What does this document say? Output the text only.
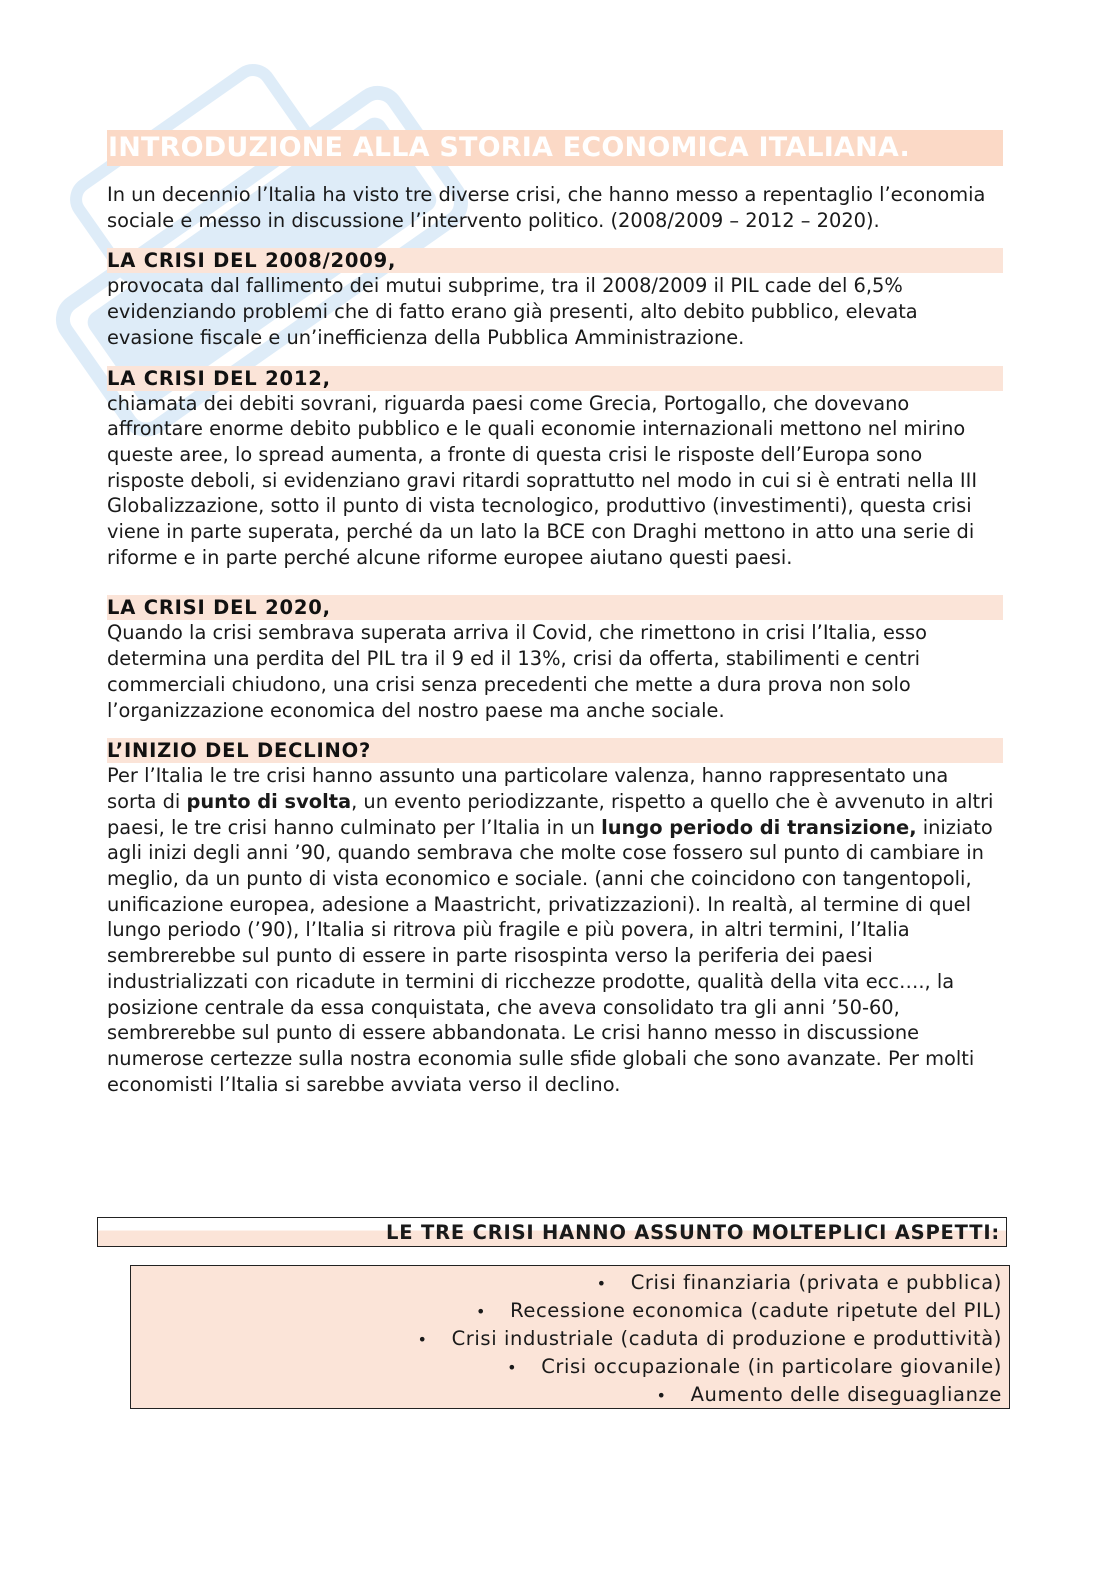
INTRODUZIONE ALLA STORIA ECONOMICA ITALIANA.
In un decennio l’Italia ha visto tre diverse crisi, che hanno messo a repentaglio l’economia sociale e messo in discussione l’intervento politico. (2008/2009 – 2012 – 2020).
LA CRISI DEL 2008/2009,
provocata dal fallimento dei mutui subprime, tra il 2008/2009 il PIL cade del 6,5% evidenziando problemi che di fatto erano già presenti, alto debito pubblico, elevata evasione fiscale e un’inefficienza della Pubblica Amministrazione.
LA CRISI DEL 2012,
chiamata dei debiti sovrani, riguarda paesi come Grecia, Portogallo, che dovevano affrontare enorme debito pubblico e le quali economie internazionali mettono nel mirino queste aree, lo spread aumenta, a fronte di questa crisi le risposte dell’Europa sono risposte deboli, si evidenziano gravi ritardi soprattutto nel modo in cui si è entrati nella III Globalizzazione, sotto il punto di vista tecnologico, produttivo (investimenti), questa crisi viene in parte superata, perché da un lato la BCE con Draghi mettono in atto una serie di riforme e in parte perché alcune riforme europee aiutano questi paesi.
LA CRISI DEL 2020,
Quando la crisi sembrava superata arriva il Covid, che rimettono in crisi l’Italia, esso determina una perdita del PIL tra il 9 ed il 13%, crisi da offerta, stabilimenti e centri commerciali chiudono, una crisi senza precedenti che mette a dura prova non solo l’organizzazione economica del nostro paese ma anche sociale.
L’INIZIO DEL DECLINO?
Per l’Italia le tre crisi hanno assunto una particolare valenza, hanno rappresentato una sorta di punto di svolta, un evento periodizzante, rispetto a quello che è avvenuto in altri paesi, le tre crisi hanno culminato per l’Italia in un lungo periodo di transizione, iniziato agli inizi degli anni ’90, quando sembrava che molte cose fossero sul punto di cambiare in meglio, da un punto di vista economico e sociale. (anni che coincidono con tangentopoli, unificazione europea, adesione a Maastricht, privatizzazioni). In realtà, al termine di quel lungo periodo (’90), l’Italia si ritrova più fragile e più povera, in altri termini, l’Italia sembrerebbe sul punto di essere in parte risospinta verso la periferia dei paesi industrializzati con ricadute in termini di ricchezze prodotte, qualità della vita ecc…., la posizione centrale da essa conquistata, che aveva consolidato tra gli anni ’50-60, sembrerebbe sul punto di essere abbandonata. Le crisi hanno messo in discussione numerose certezze sulla nostra economia sulle sfide globali che sono avanzate. Per molti economisti l’Italia si sarebbe avviata verso il declino.
LE TRE CRISI HANNO ASSUNTO MOLTEPLICI ASPETTI:
• Crisi finanziaria (privata e pubblica)
• Recessione economica (cadute ripetute del PIL)
• Crisi industriale (caduta di produzione e produttività)
• Crisi occupazionale (in particolare giovanile)
• Aumento delle diseguaglianze
